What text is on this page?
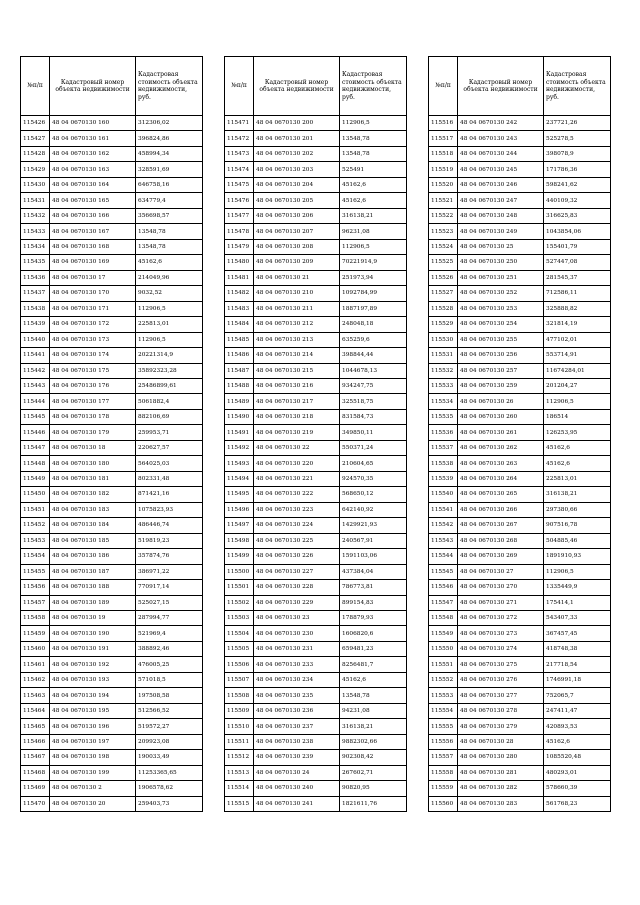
№п/п	Кадастровый номер объекта недвижимости	Кадастровая стоимость объекта недвижимости, руб.
115426	48 04 0670130 160	312306,02
115427	48 04 0670130 161	396824,86
115428	48 04 0670130 162	458994,34
115429	48 04 0670130 163	328591,69
115430	48 04 0670130 164	646758,16
115431	48 04 0670130 165	634779,4
115432	48 04 0670130 166	356698,57
115433	48 04 0670130 167	13548,78
115434	48 04 0670130 168	13548,78
115435	48 04 0670130 169	45162,6
115436	48 04 0670130 17	214049,96
115437	48 04 0670130 170	9032,52
115438	48 04 0670130 171	112906,5
115439	48 04 0670130 172	225813,01
115440	48 04 0670130 173	112906,5
115441	48 04 0670130 174	20221314,9
115442	48 04 0670130 175	35892323,28
115443	48 04 0670130 176	25486899,61
115444	48 04 0670130 177	5061882,4
115445	48 04 0670130 178	882106,69
115446	48 04 0670130 179	259953,71
115447	48 04 0670130 18	220627,57
115448	48 04 0670130 180	564025,03
115449	48 04 0670130 181	802331,48
115450	48 04 0670130 182	871421,16
115451	48 04 0670130 183	1075823,93
115452	48 04 0670130 184	486446,74
115453	48 04 0670130 185	519819,23
115454	48 04 0670130 186	357874,76
115455	48 04 0670130 187	386971,22
115456	48 04 0670130 188	770917,14
115457	48 04 0670130 189	525027,15
115458	48 04 0670130 19	287994,77
115459	48 04 0670130 190	521969,4
115460	48 04 0670130 191	388892,46
115461	48 04 0670130 192	476005,25
115462	48 04 0670130 193	571018,5
115463	48 04 0670130 194	197508,58
115464	48 04 0670130 195	512566,52
115465	48 04 0670130 196	519572,27
115466	48 04 0670130 197	209923,08
115467	48 04 0670130 198	190033,49
115468	48 04 0670130 199	11253365,65
115469	48 04 0670130 2	1906578,62
115470	48 04 0670130 20	259403,73
№п/п	Кадастровый номер объекта недвижимости	Кадастровая стоимость объекта недвижимости, руб.
115471	48 04 0670130 200	112906,5
115472	48 04 0670130 201	13548,78
115473	48 04 0670130 202	13548,78
115474	48 04 0670130 203	525491
115475	48 04 0670130 204	45162,6
115476	48 04 0670130 205	45162,6
115477	48 04 0670130 206	316138,21
115478	48 04 0670130 207	96231,08
115479	48 04 0670130 208	112906,5
115480	48 04 0670130 209	70221914,9
115481	48 04 0670130 21	251973,94
115482	48 04 0670130 210	1092784,99
115483	48 04 0670130 211	1887197,89
115484	48 04 0670130 212	248048,18
115485	48 04 0670130 213	635259,6
115486	48 04 0670130 214	398844,44
115487	48 04 0670130 215	1044678,13
115488	48 04 0670130 216	934247,75
115489	48 04 0670130 217	325518,75
115490	48 04 0670130 218	831584,73
115491	48 04 0670130 219	349850,11
115492	48 04 0670130 22	550371,24
115493	48 04 0670130 220	210604,65
115494	48 04 0670130 221	924570,35
115495	48 04 0670130 222	568650,12
115496	48 04 0670130 223	642140,92
115497	48 04 0670130 224	1429921,93
115498	48 04 0670130 225	240567,91
115499	48 04 0670130 226	1591103,06
115500	48 04 0670130 227	437384,04
115501	48 04 0670130 228	786773,81
115502	48 04 0670130 229	899154,83
115503	48 04 0670130 23	178879,93
115504	48 04 0670130 230	1606820,6
115505	48 04 0670130 231	659481,23
115506	48 04 0670130 233	8256481,7
115507	48 04 0670130 234	45162,6
115508	48 04 0670130 235	13548,78
115509	48 04 0670130 236	94231,08
115510	48 04 0670130 237	316138,21
115511	48 04 0670130 238	9882302,66
115512	48 04 0670130 239	902308,42
115513	48 04 0670130 24	267602,71
115514	48 04 0670130 240	90820,95
115515	48 04 0670130 241	1821611,76
№п/п	Кадастровый номер объекта недвижимости	Кадастровая стоимость объекта недвижимости, руб.
115516	48 04 0670130 242	237721,26
115517	48 04 0670130 243	525278,5
115518	48 04 0670130 244	398078,9
115519	48 04 0670130 245	171786,36
115520	48 04 0670130 246	598241,62
115521	48 04 0670130 247	440109,32
115522	48 04 0670130 248	316625,83
115523	48 04 0670130 249	1043854,06
115524	48 04 0670130 25	155401,79
115525	48 04 0670130 250	527447,08
115526	48 04 0670130 251	281545,37
115527	48 04 0670130 252	712586,11
115528	48 04 0670130 253	325888,82
115529	48 04 0670130 254	321814,19
115530	48 04 0670130 255	477102,01
115531	48 04 0670130 256	553714,91
115532	48 04 0670130 257	11674284,01
115533	48 04 0670130 259	201204,27
115534	48 04 0670130 26	112906,5
115535	48 04 0670130 260	186514
115536	48 04 0670130 261	126253,95
115537	48 04 0670130 262	45162,6
115538	48 04 0670130 263	45162,6
115539	48 04 0670130 264	225813,01
115540	48 04 0670130 265	316138,21
115541	48 04 0670130 266	297380,66
115542	48 04 0670130 267	907516,78
115543	48 04 0670130 268	504885,46
115544	48 04 0670130 269	1891910,93
115545	48 04 0670130 27	112906,5
115546	48 04 0670130 270	1335449,9
115547	48 04 0670130 271	175414,1
115548	48 04 0670130 272	543407,33
115549	48 04 0670130 273	367457,45
115550	48 04 0670130 274	418748,38
115551	48 04 0670130 275	217718,54
115552	48 04 0670130 276	1746991,18
115553	48 04 0670130 277	752065,7
115554	48 04 0670130 278	247411,47
115555	48 04 0670130 279	420893,53
115556	48 04 0670130 28	45162,6
115557	48 04 0670130 280	1085520,48
115558	48 04 0670130 281	480293,01
115559	48 04 0670130 282	578660,39
115560	48 04 0670130 283	561768,23
